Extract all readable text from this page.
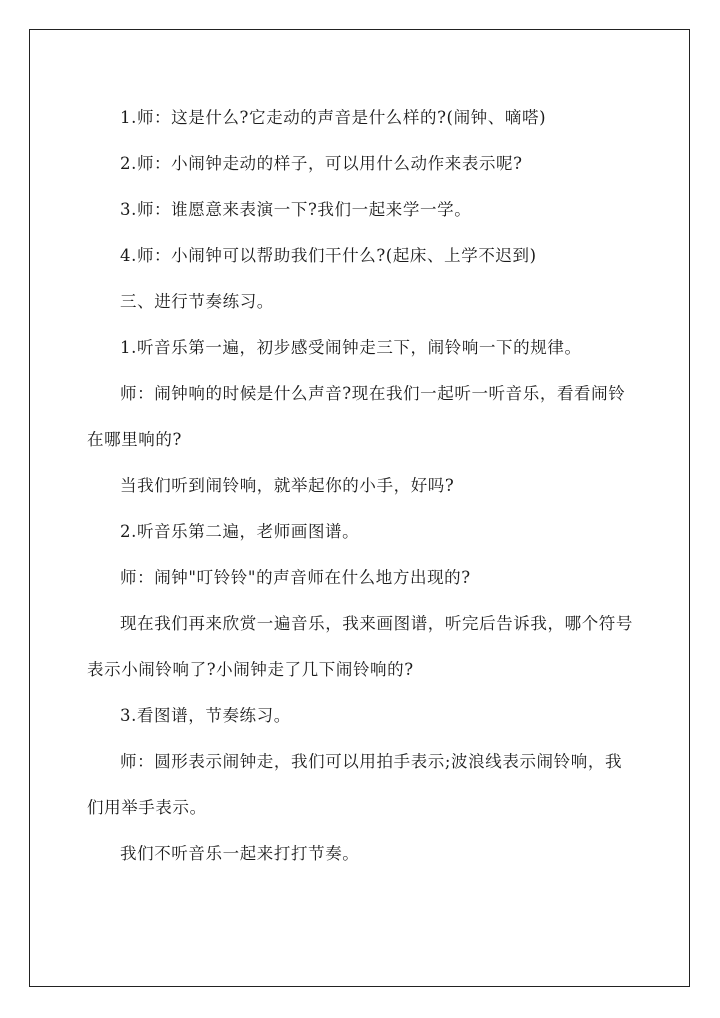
1.师：这是什么?它走动的声音是什么样的?(闹钟、嘀嗒)

2.师：小闹钟走动的样子，可以用什么动作来表示呢?

3.师：谁愿意来表演一下?我们一起来学一学。

4.师：小闹钟可以帮助我们干什么?(起床、上学不迟到)

三、进行节奏练习。

1.听音乐第一遍，初步感受闹钟走三下，闹铃响一下的规律。

师：闹钟响的时候是什么声音?现在我们一起听一听音乐，看看闹铃在哪里响的?

当我们听到闹铃响，就举起你的小手，好吗?

2.听音乐第二遍，老师画图谱。

师：闹钟"叮铃铃"的声音师在什么地方出现的?

现在我们再来欣赏一遍音乐，我来画图谱，听完后告诉我，哪个符号表示小闹铃响了?小闹钟走了几下闹铃响的?

3.看图谱，节奏练习。

师：圆形表示闹钟走，我们可以用拍手表示;波浪线表示闹铃响，我们用举手表示。

我们不听音乐一起来打打节奏。
